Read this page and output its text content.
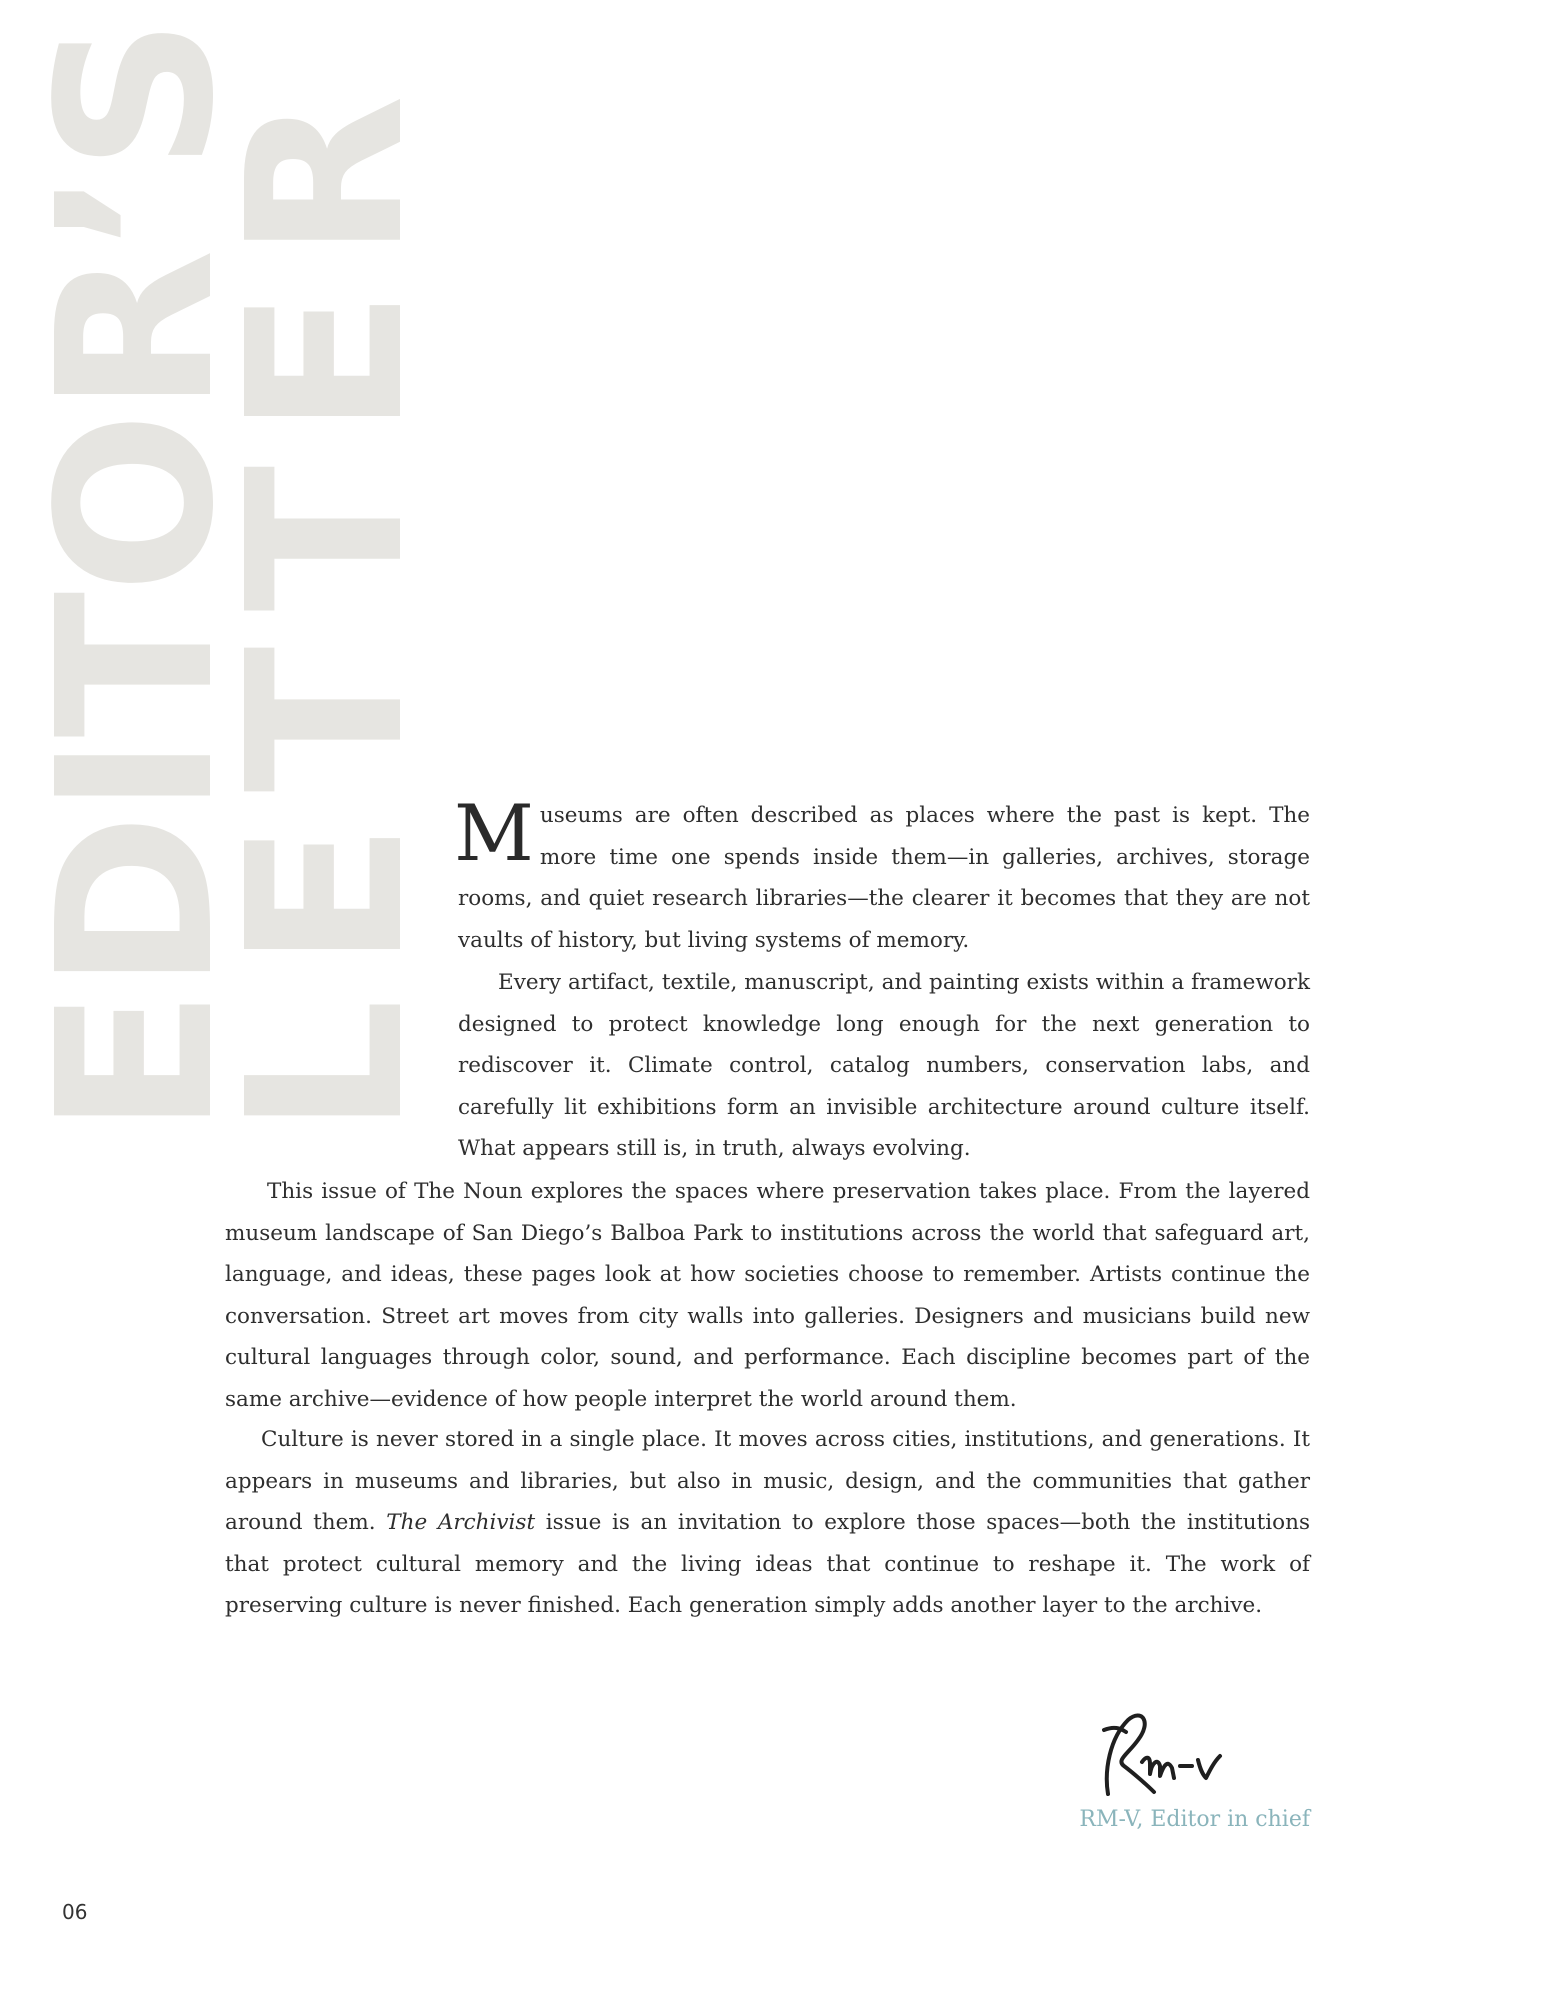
EDITOR’S
LETTER Museums are often described as places where the past is kept. The more time one spends inside them—in galleries, archives, storage rooms, and quiet research libraries—the clearer it becomes that they are not vaults of history, but living systems of memory.

Every artifact, textile, manuscript, and painting exists within a framework designed to protect knowledge long enough for the next generation to rediscover it. Climate control, catalog numbers, conservation labs, and carefully lit exhibitions form an invisible architecture around culture itself. What appears still is, in truth, always evolving.

This issue of The Noun explores the spaces where preservation takes place. From the layered museum landscape of San Diego’s Balboa Park to institutions across the world that safeguard art, language, and ideas, these pages look at how societies choose to remember. Artists continue the conversation. Street art moves from city walls into galleries. Designers and musicians build new cultural languages through color, sound, and performance. Each discipline becomes part of the same archive—evidence of how people interpret the world around them.

Culture is never stored in a single place. It moves across cities, institutions, and generations. It appears in museums and libraries, but also in music, design, and the communities that gather around them. The Archivist issue is an invitation to explore those spaces—both the institutions that protect cultural memory and the living ideas that continue to reshape it. The work of preserving culture is never finished. Each generation simply adds another layer to the archive.

RM-V, Editor in chief

06
